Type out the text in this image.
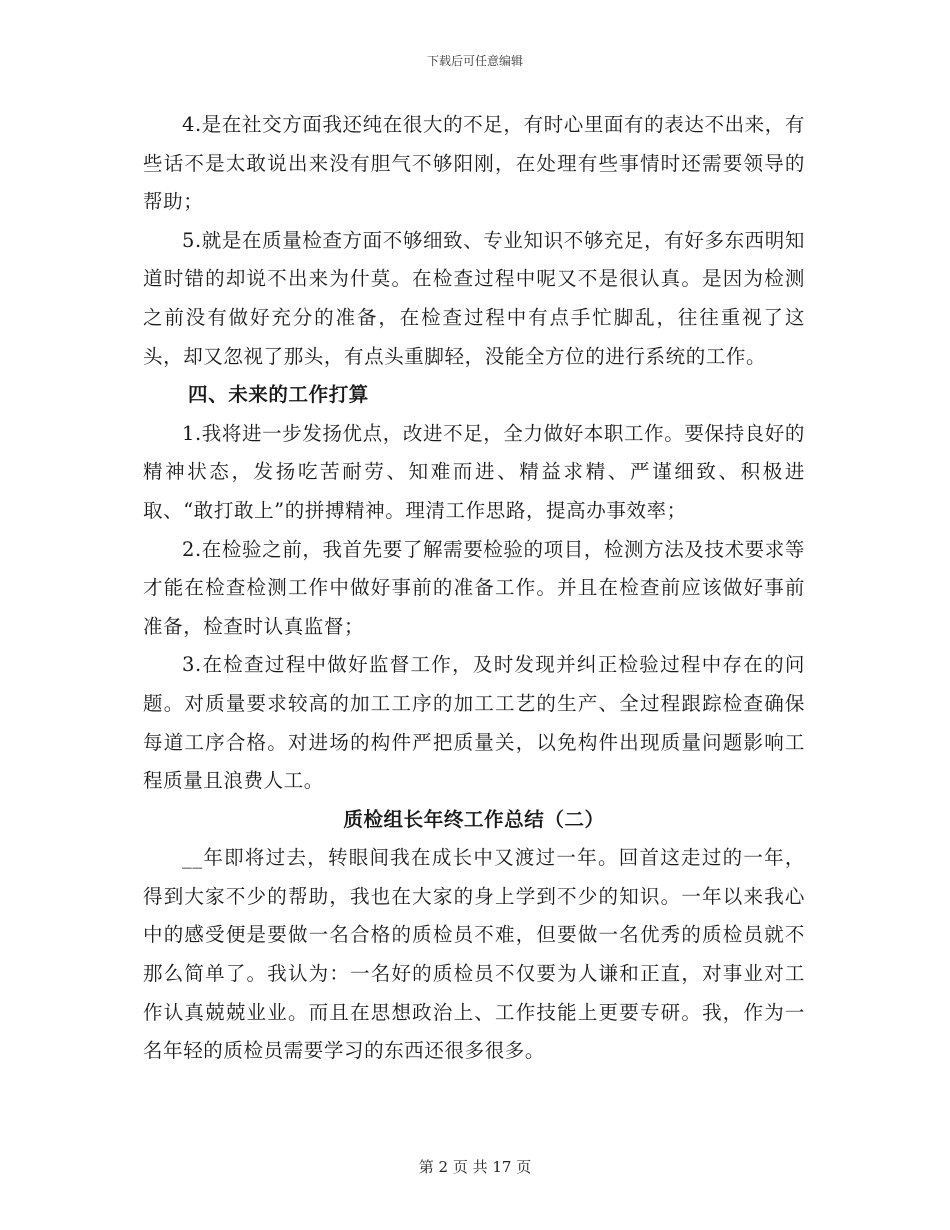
下载后可任意编辑

4.是在社交方面我还纯在很大的不足，有时心里面有的表达不出来，有些话不是太敢说出来没有胆气不够阳刚，在处理有些事情时还需要领导的帮助；

5.就是在质量检查方面不够细致、专业知识不够充足，有好多东西明知道时错的却说不出来为什莫。在检查过程中呢又不是很认真。是因为检测之前没有做好充分的准备，在检查过程中有点手忙脚乱，往往重视了这头，却又忽视了那头，有点头重脚轻，没能全方位的进行系统的工作。

四、未来的工作打算

1.我将进一步发扬优点，改进不足，全力做好本职工作。要保持良好的精神状态，发扬吃苦耐劳、知难而进、精益求精、严谨细致、积极进取、“敢打敢上”的拼搏精神。理清工作思路，提高办事效率；

2.在检验之前，我首先要了解需要检验的项目，检测方法及技术要求等才能在检查检测工作中做好事前的准备工作。并且在检查前应该做好事前准备，检查时认真监督；

3.在检查过程中做好监督工作，及时发现并纠正检验过程中存在的问题。对质量要求较高的加工工序的加工工艺的生产、全过程跟踪检查确保每道工序合格。对进场的构件严把质量关，以免构件出现质量问题影响工程质量且浪费人工。

质检组长年终工作总结（二）

__年即将过去，转眼间我在成长中又渡过一年。回首这走过的一年，得到大家不少的帮助，我也在大家的身上学到不少的知识。一年以来我心中的感受便是要做一名合格的质检员不难，但要做一名优秀的质检员就不那么简单了。我认为：一名好的质检员不仅要为人谦和正直，对事业对工作认真兢兢业业。而且在思想政治上、工作技能上更要专研。我，作为一名年轻的质检员需要学习的东西还很多很多。

第 2 页 共 17 页
